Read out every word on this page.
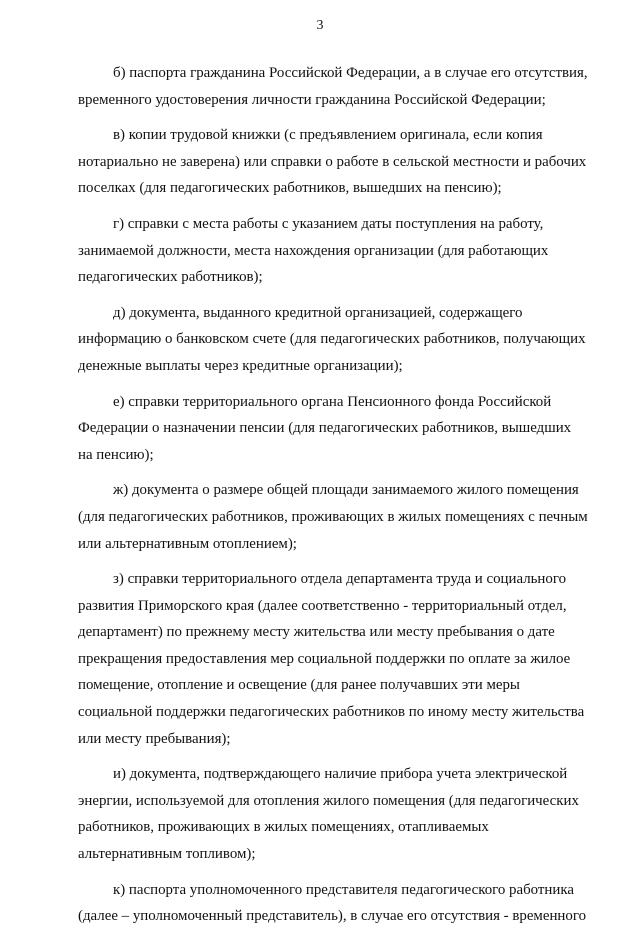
3

б) паспорта гражданина Российской Федерации, а в случае его отсутствия,
временного удостоверения личности гражданина Российской Федерации;

в) копии трудовой книжки (с предъявлением оригинала, если копия
нотариально не заверена) или справки о работе в сельской местности и рабочих
поселках (для педагогических работников, вышедших на пенсию);

г) справки с места работы с указанием даты поступления на работу,
занимаемой должности, места нахождения организации (для работающих
педагогических работников);

д) документа, выданного кредитной организацией, содержащего
информацию о банковском счете (для педагогических работников, получающих
денежные выплаты через кредитные организации);

е) справки территориального органа Пенсионного фонда Российской
Федерации о назначении пенсии (для педагогических работников, вышедших
на пенсию);

ж) документа о размере общей площади занимаемого жилого помещения
(для педагогических работников, проживающих в жилых помещениях с печным
или альтернативным отоплением);

з) справки территориального отдела департамента труда и социального
развития Приморского края (далее соответственно - территориальный отдел,
департамент) по прежнему месту жительства или месту пребывания о дате
прекращения предоставления мер социальной поддержки по оплате за жилое
помещение, отопление и освещение (для ранее получавших эти меры
социальной поддержки педагогических работников по иному месту жительства
или месту пребывания);

и) документа, подтверждающего наличие прибора учета электрической
энергии, используемой для отопления жилого помещения (для педагогических
работников, проживающих в жилых помещениях, отапливаемых
альтернативным топливом);

к) паспорта уполномоченного представителя педагогического работника
(далее – уполномоченный представитель), в случае его отсутствия - временного
